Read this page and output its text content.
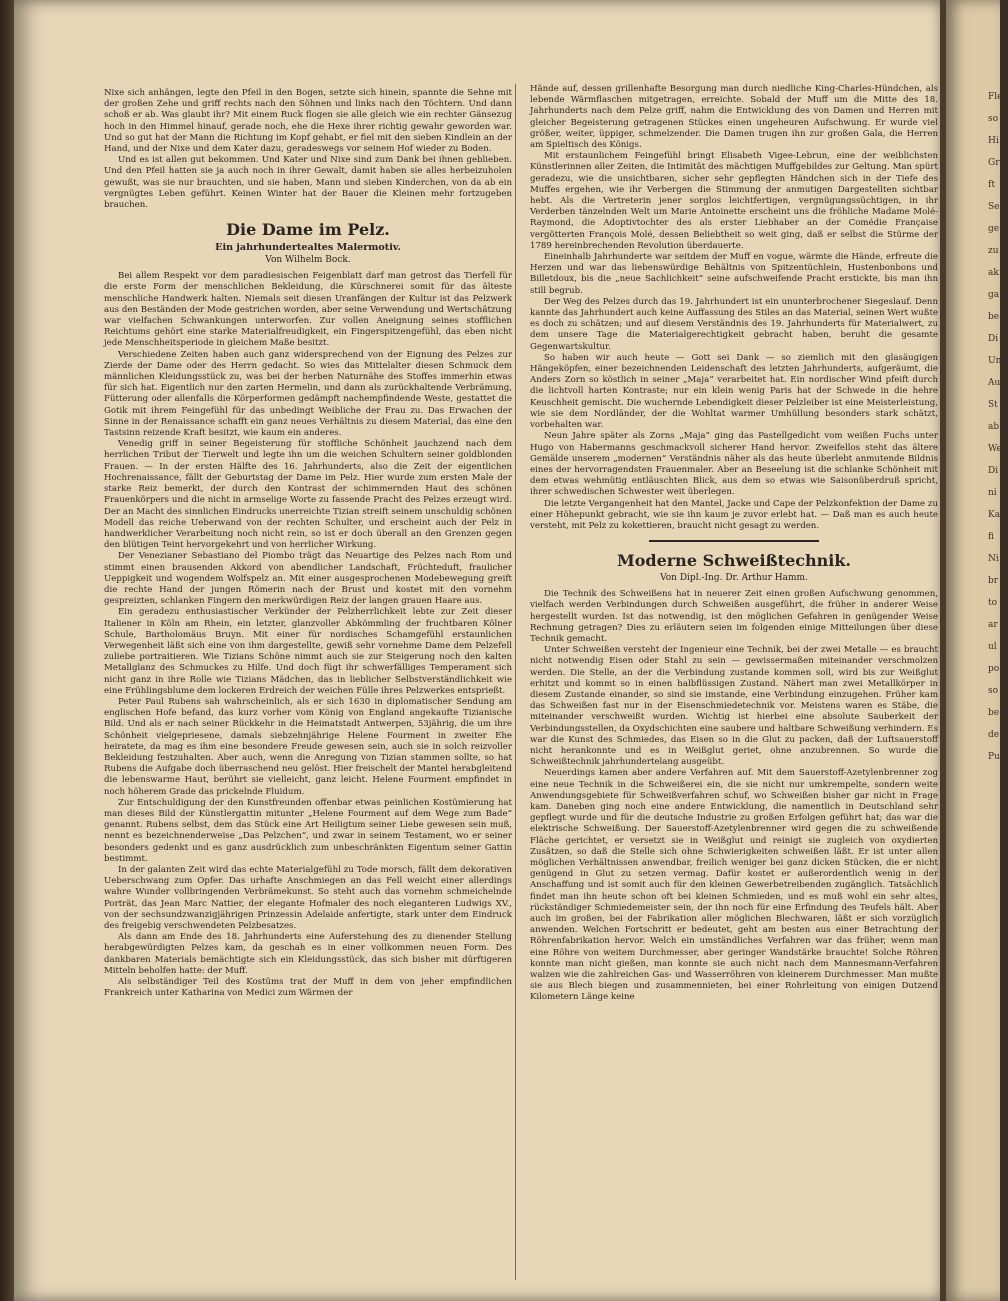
Nixe sich anhängen, legte den Pfeil in den Bogen, setzte sich hinein, spannte die Sehne mit der großen Zehe und griff rechts nach den Söhnen und links nach den Töchtern. Und dann schoß er ab. Was glaubt ihr? Mit einem Ruck flogen sie alle gleich wie ein rechter Gänsezug hoch in den Himmel hinauf, gerade noch, ehe die Hexe ihrer richtig gewahr geworden war. Und so gut hat der Mann die Richtung im Kopf gehabt, er fiel mit den sieben Kindlein an der Hand, und der Nixe und dem Kater dazu, geradeswegs vor seinem Hof wieder zu Boden.

Und es ist allen gut bekommen. Und Kater und Nixe sind zum Dank bei ihnen geblieben. Und den Pfeil hatten sie ja auch noch in ihrer Gewalt, damit haben sie alles herbeizuholen gewußt, was sie nur brauchten, und sie haben, Mann und sieben Kinderchen, von da ab ein vergnügtes Leben geführt. Keinen Winter hat der Bauer die Kleinen mehr fortzugeben brauchen.

Die Dame im Pelz.
Ein jahrhundertealtes Malermotiv.
Von Wilhelm Bock.

Bei allem Respekt vor dem paradiesischen Feigenblatt darf man getrost das Tierfell für die erste Form der menschlichen Bekleidung, die Kürschnerei somit für das älteste menschliche Handwerk halten. Niemals seit diesen Uranfängen der Kultur ist das Pelzwerk aus den Beständen der Mode gestrichen worden, aber seine Verwendung und Wertschätzung war vielfachen Schwankungen unterworfen. Zur vollen Aneignung seines stofflichen Reichtums gehört eine starke Materialfreudigkeit, ein Fingerspitzengefühl, das eben nicht jede Menschheitsperiode in gleichem Maße besitzt.

Verschiedene Zeiten haben auch ganz widersprechend von der Eignung des Pelzes zur Zierde der Dame oder des Herrn gedacht. So wies das Mittelalter diesen Schmuck dem männlichen Kleidungsstück zu, was bei der herben Naturnähe des Stoffes immerhin etwas für sich hat. Eigentlich nur den zarten Hermelin, und dann als zurückhaltende Verbrämung, Fütterung oder allenfalls die Körperformen gedämpft nachempfindende Weste, gestattet die Gotik mit ihrem Feingefühl für das unbedingt Weibliche der Frau zu. Das Erwachen der Sinne in der Renaissance schafft ein ganz neues Verhältnis zu diesem Material, das eine den Tastsinn reizende Kraft besitzt, wie kaum ein anderes.

Venedig griff in seiner Begeisterung für stoffliche Schönheit jauchzend nach dem herrlichen Tribut der Tierwelt und legte ihn um die weichen Schultern seiner goldblonden Frauen. — In der ersten Hälfte des 16. Jahrhunderts, also die Zeit der eigentlichen Hochrenaissance, fällt der Geburtstag der Dame im Pelz. Hier wurde zum ersten Male der starke Reiz bemerkt, der durch den Kontrast der schimmernden Haut des schönen Frauenkörpers und die nicht in armselige Worte zu fassende Pracht des Pelzes erzeugt wird. Der an Macht des sinnlichen Eindrucks unerreichte Tizian streift seinem unschuldig schönen Modell das reiche Ueberwand von der rechten Schulter, und erscheint auch der Pelz in handwerklicher Verarbeitung noch nicht rein, so ist er doch überall an den Grenzen gegen den blütigen Teint hervorgekehrt und von herrlicher Wirkung.

Der Venezianer Sebastiano del Piombo trägt das Neuartige des Pelzes nach Rom und stimmt einen brausenden Akkord von abendlicher Landschaft, Früchteduft, fraulicher Ueppigkeit und wogendem Wolfspelz an. Mit einer ausgesprochenen Modebewegung greift die rechte Hand der jungen Römerin nach der Brust und kostet mit den vornehm gespreizten, schlanken Fingern den merkwürdigen Reiz der langen grauen Haare aus.

Ein geradezu enthusiastischer Verkünder der Pelzherrlichkeit lebte zur Zeit dieser Italiener in Köln am Rhein, ein letzter, glanzvoller Abkömmling der fruchtbaren Kölner Schule, Bartholomäus Bruyn. Mit einer für nordisches Schamgefühl erstaunlichen Verwegenheit läßt sich eine von ihm dargestellte, gewiß sehr vornehme Dame dem Pelzefell zuliebe portraitieren. Wie Tizians Schöne nimmt auch sie zur Steigerung noch den kalten Metallglanz des Schmuckes zu Hilfe. Und doch fügt ihr schwerfälliges Temperament sich nicht ganz in ihre Rolle wie Tizians Mädchen, das in lieblicher Selbstverständlichkeit wie eine Frühlingsblume dem lockeren Erdreich der weichen Fülle ihres Pelzwerkes entsprießt.

Peter Paul Rubens sah wahrscheinlich, als er sich 1630 in diplomatischer Sendung am englischen Hofe befand, das kurz vorher vom König von England angekaufte Tizianische Bild. Und als er nach seiner Rückkehr in die Heimatstadt Antwerpen, 53jährig, die um ihre Schönheit vielgepriesene, damals siebzehnjährige Helene Fourment in zweiter Ehe heiratete, da mag es ihm eine besondere Freude gewesen sein, auch sie in solch reizvoller Bekleidung festzuhalten. Aber auch, wenn die Anregung von Tizian stammen sollte, so hat Rubens die Aufgabe doch überraschend neu gelöst. Hier freischelt der Mantel herabgleitend die lebenswarme Haut, berührt sie vielleicht, ganz leicht. Helene Fourment empfindet in noch höherem Grade das prickelnde Fluidum.

Zur Entschuldigung der den Kunstfreunden offenbar etwas peinlichen Kostümierung hat man dieses Bild der Künstlergattin mitunter „Helene Fourment auf dem Wege zum Bade“ genannt. Rubens selbst, dem das Stück eine Art Heiligtum seiner Liebe gewesen sein muß, nennt es bezeichnenderweise „Das Pelzchen“, und zwar in seinem Testament, wo er seiner besonders gedenkt und es ganz ausdrücklich zum unbeschränkten Eigentum seiner Gattin bestimmt.

In der galanten Zeit wird das echte Materialgefühl zu Tode morsch, fällt dem dekorativen Ueberschwang zum Opfer. Das urhafte Anschmiegen an das Fell weicht einer allerdings wahre Wunder vollbringenden Verbrämekunst. So steht auch das vornehm schmeichelnde Porträt, das Jean Marc Nattier, der elegante Hofmaler des noch eleganteren Ludwigs XV., von der sechsundzwanzigjährigen Prinzessin Adelaide anfertigte, stark unter dem Eindruck des freigebig verschwendeten Pelzbesatzes.

Als dann am Ende des 18. Jahrhunderts eine Auferstehung des zu dienender Stellung herabgewürdigten Pelzes kam, da geschah es in einer vollkommen neuen Form. Des dankbaren Materials bemächtigte sich ein Kleidungsstück, das sich bisher mit dürftigeren Mitteln beholfen hatte: der Muff.

Als selbständiger Teil des Kostüms trat der Muff in dem von jeher empfindlichen Frankreich unter Katharina von Medici zum Wärmen der

Hände auf, dessen grillenhafte Besorgung man durch niedliche King-Charles-Hündchen, als lebende Wärmflaschen mitgetragen, erreichte. Sobald der Muff um die Mitte des 18. Jahrhunderts nach dem Pelze griff, nahm die Entwicklung des von Damen und Herren mit gleicher Begeisterung getragenen Stückes einen ungeheuren Aufschwung. Er wurde viel größer, weiter, üppiger, schmelzender. Die Damen trugen ihn zur großen Gala, die Herren am Spieltisch des Königs.

Mit erstaunlichem Feingefühl bringt Elisabeth Vigee-Lebrun, eine der weiblichsten Künstlerinnen aller Zeiten, die Intimität des mächtigen Muffgebildes zur Geltung. Man spürt geradezu, wie die unsichtbaren, sicher sehr gepflegten Händchen sich in der Tiefe des Muffes ergehen, wie ihr Verbergen die Stimmung der anmutigen Dargestellten sichtbar hebt. Als die Vertreterin jener sorglos leichtfertigen, vergnügungssüchtigen, in ihr Verderben tänzelnden Welt um Marie Antoinette erscheint uns die fröhliche Madame Molé-Raymond, die Adoptivtochter des als erster Liebhaber an der Comédie Française vergötterten François Molé, dessen Beliebtheit so weit ging, daß er selbst die Stürme der 1789 hereinbrechenden Revolution überdauerte.

Eineinhalb Jahrhunderte war seitdem der Muff en vogue, wärmte die Hände, erfreute die Herzen und war das liebenswürdige Behältnis von Spitzentüchlein, Hustenbonbons und Billetdoux, bis die „neue Sachlichkeit“ seine aufschweifende Pracht erstickte, bis man ihn still begrub.

Der Weg des Pelzes durch das 19. Jahrhundert ist ein ununterbrochener Siegeslauf. Denn kannte das Jahrhundert auch keine Auffassung des Stiles an das Material, seinen Wert wußte es doch zu schätzen; und auf diesem Verständnis des 19. Jahrhunderts für Materialwert, zu dem unsere Tage die Materialgerechtigkeit gebracht haben, beruht die gesamte Gegenwartskultur.

So haben wir auch heute — Gott sei Dank — so ziemlich mit den glasäugigen Hängeköpfen, einer bezeichnenden Leidenschaft des letzten Jahrhunderts, aufgeräumt, die Anders Zorn so köstlich in seiner „Maja“ verarbeitet hat. Ein nordischer Wind pfeift durch die lichtvoll harten Kontraste; nur ein klein wenig Paris hat der Schwede in die hehre Keuschheit gemischt. Die wuchernde Lebendigkeit dieser Pelzleiber ist eine Meisterleistung, wie sie dem Nordländer, der die Wohltat warmer Umhüllung besonders stark schätzt, vorbehalten war.

Neun Jahre später als Zorns „Maja“ ging das Pastellgedicht vom weißen Fuchs unter Hugo von Habermanns geschmackvoll sicherer Hand hervor. Zweifellos steht das ältere Gemälde unserem „modernen“ Verständnis näher als das heute überlebt anmutende Bildnis eines der hervorragendsten Frauenmaler. Aber an Beseelung ist die schlanke Schönheit mit dem etwas wehmütig entläuschten Blick, aus dem so etwas wie Saisonüberdruß spricht, ihrer schwedischen Schwester weit überlegen.

Die letzte Vergangenheit hat den Mantel, Jacke und Cape der Pelzkonfektion der Dame zu einer Höhepunkt gebracht, wie sie ihn kaum je zuvor erlebt hat. — Daß man es auch heute versteht, mit Pelz zu kokettieren, braucht nicht gesagt zu werden.

Moderne Schweißtechnik.
Von Dipl.-Ing. Dr. Arthur Hamm.

Die Technik des Schweißens hat in neuerer Zeit einen großen Aufschwung genommen, vielfach werden Verbindungen durch Schweißen ausgeführt, die früher in anderer Weise hergestellt wurden. Ist das notwendig, ist den möglichen Gefahren in genügender Weise Rechnung getragen? Dies zu erläutern seien im folgenden einige Mitteilungen über diese Technik gemacht.

Unter Schweißen versteht der Ingenieur eine Technik, bei der zwei Metalle — es braucht nicht notwendig Eisen oder Stahl zu sein — gewissermaßen miteinander verschmolzen werden. Die Stelle, an der die Verbindung zustande kommen soll, wird bis zur Weißglut erhitzt und kommt so in einen halbflüssigen Zustand. Nähert man zwei Metallkörper in diesem Zustande einander, so sind sie imstande, eine Verbindung einzugehen. Früher kam das Schweißen fast nur in der Eisenschmiedetechnik vor. Meistens waren es Stäbe, die miteinander verschweißt wurden. Wichtig ist hierbei eine absolute Sauberkeit der Verbindungsstellen, da Oxydschichten eine saubere und haltbare Schweißung verhindern. Es war die Kunst des Schmiedes, das Eisen so in die Glut zu packen, daß der Luftsauerstoff nicht herankonnte und es in Weißglut geriet, ohne anzubrennen. So wurde die Schweißtechnik jahrhundertelang ausgeübt.

Neuerdings kamen aber andere Verfahren auf. Mit dem Sauerstoff-Azetylenbrenner zog eine neue Technik in die Schweißerei ein, die sie nicht nur umkrempelte, sondern weite Anwendungsgebiete für Schweißverfahren schuf, wo Schweißen bisher gar nicht in Frage kam. Daneben ging noch eine andere Entwicklung, die namentlich in Deutschland sehr gepflegt wurde und für die deutsche Industrie zu großen Erfolgen geführt hat; das war die elektrische Schweißung. Der Sauerstoff-Azetylenbrenner wird gegen die zu schweißende Fläche gerichtet, er versetzt sie in Weißglut und reinigt sie zugleich von oxydierten Zusätzen, so daß die Stelle sich ohne Schwierigkeiten schweißen läßt. Er ist unter allen möglichen Verhältnissen anwendbar, freilich weniger bei ganz dicken Stücken, die er nicht genügend in Glut zu setzen vermag. Dafür kostet er außerordentlich wenig in der Anschaffung und ist somit auch für den kleinen Gewerbetreibenden zugänglich. Tatsächlich findet man ihn heute schon oft bei kleinen Schmieden, und es muß wohl ein sehr altes, rückständiger Schmiedemeister sein, der ihn noch für eine Erfindung des Teufels hält. Aber auch im großen, bei der Fabrikation aller möglichen Blechwaren, läßt er sich vorzüglich anwenden. Welchen Fortschritt er bedeutet, geht am besten aus einer Betrachtung der Röhrenfabrikation hervor. Welch ein umständliches Verfahren war das früher, wenn man eine Röhre von weitem Durchmesser, aber geringer Wandstärke brauchte! Solche Röhren konnte man nicht gießen, man konnte sie auch nicht nach dem Mannesmann-Verfahren walzen wie die zahlreichen Gas- und Wasserröhren von kleinerem Durchmesser. Man mußte sie aus Blech biegen und zusammennieten, bei einer Rohrleitung von einigen Dutzend Kilometern Länge keine

Fle
so
Hi
Gr
ft
Se
ge
zu
ak
ga
be
Di
Un
Au
St
ab
We
Di
ni
Ka
fi
Ni
br
to
ar
ul
po
so
be
de
Pu
